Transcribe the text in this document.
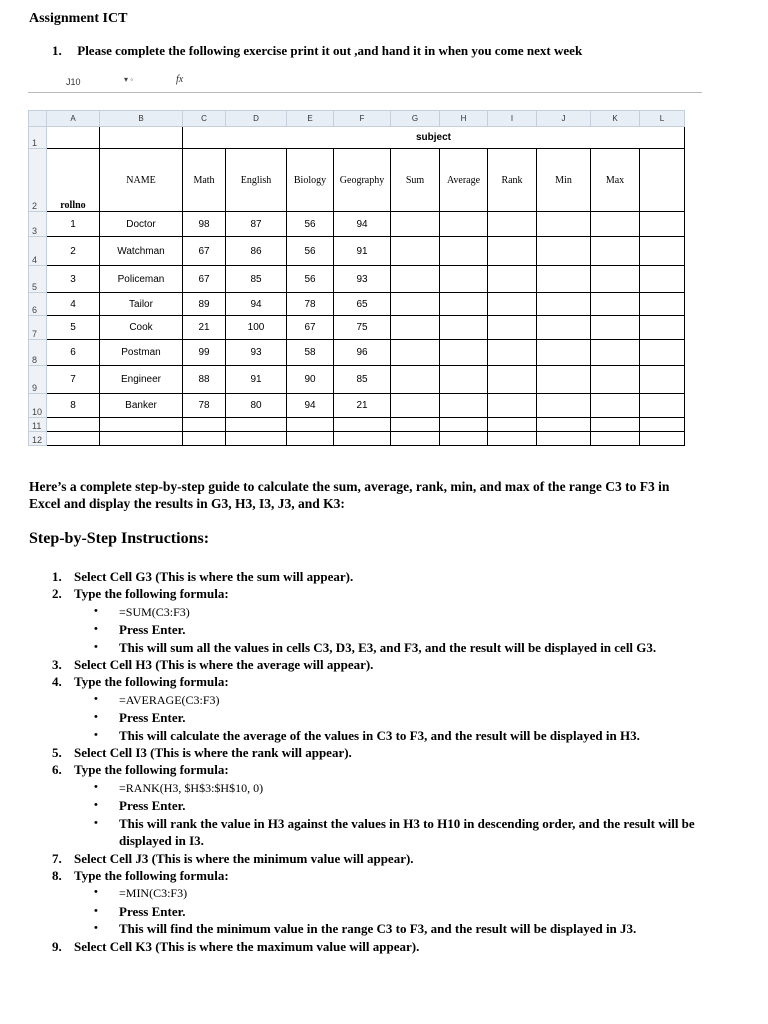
Assignment ICT
1. Please complete the following exercise print it out ,and hand it in when you come next week
J10	▾ ◦	fx
	A	B	C	D	E	F	G	H	I	J	K	L
1			subject									
2	rollno	NAME	Math	English	Biology	Geography	Sum	Average	Rank	Min	Max	
3	1	Doctor	98	87	56	94						
4	2	Watchman	67	86	56	91						
5	3	Policeman	67	85	56	93						
6	4	Tailor	89	94	78	65						
7	5	Cook	21	100	67	75						
8	6	Postman	99	93	58	96						
9	7	Engineer	88	91	90	85						
10	8	Banker	78	80	94	21						
11												
12												
Here’s a complete step-by-step guide to calculate the sum, average, rank, min, and max of the range C3 to F3 in Excel and display the results in G3, H3, I3, J3, and K3:
Step-by-Step Instructions:
1. Select Cell G3 (This is where the sum will appear).
2. Type the following formula:
• =SUM(C3:F3)
• Press Enter.
• This will sum all the values in cells C3, D3, E3, and F3, and the result will be displayed in cell G3.
3. Select Cell H3 (This is where the average will appear).
4. Type the following formula:
• =AVERAGE(C3:F3)
• Press Enter.
• This will calculate the average of the values in C3 to F3, and the result will be displayed in H3.
5. Select Cell I3 (This is where the rank will appear).
6. Type the following formula:
• =RANK(H3, $H$3:$H$10, 0)
• Press Enter.
• This will rank the value in H3 against the values in H3 to H10 in descending order, and the result will be displayed in I3.
7. Select Cell J3 (This is where the minimum value will appear).
8. Type the following formula:
• =MIN(C3:F3)
• Press Enter.
• This will find the minimum value in the range C3 to F3, and the result will be displayed in J3.
9. Select Cell K3 (This is where the maximum value will appear).
